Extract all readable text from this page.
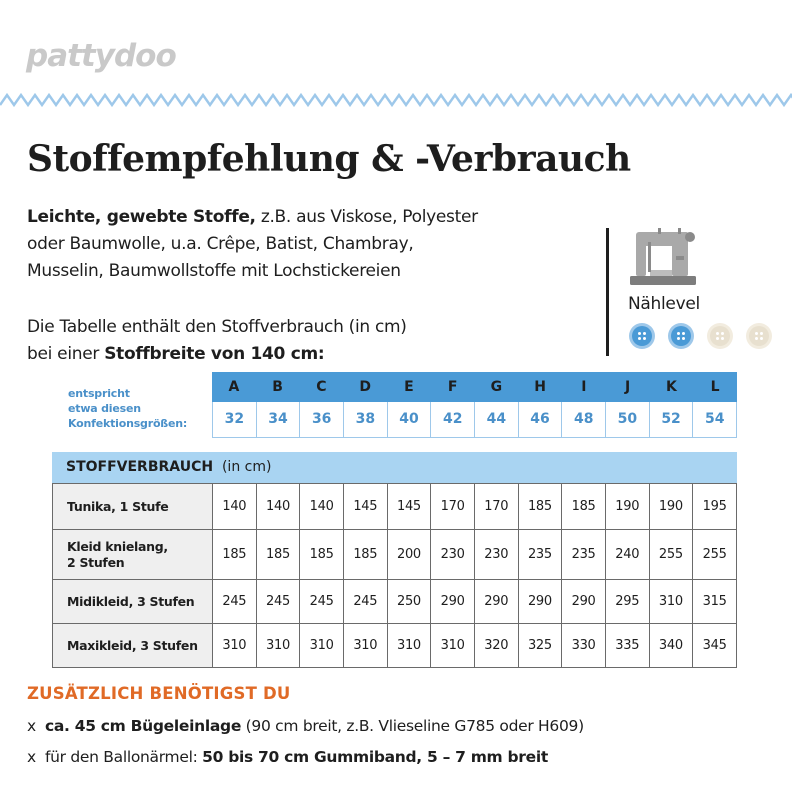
pattydoo
Stoffempfehlung & -Verbrauch

Leichte, gewebte Stoffe, z.B. aus Viskose, Polyester

oder Baumwolle, u.a. Crêpe, Batist, Chambray,

Musselin, Baumwollstoffe mit Lochstickereien

Die Tabelle enthält den Stoffverbrauch (in cm)

bei einer Stoffbreite von 140 cm:

Nählevel
entspricht
etwa diesen
Konfektionsgrößen:
A	B	C	D	E	F	G	H	I	J	K	L
32	34	36	38	40	42	44	46	48	50	52	54
STOFFVERBRAUCH (in cm)
Tunika, 1 Stufe	140	140	140	145	145	170	170	185	185	190	190	195

Kleid knielang,
2 Stufen	185	185	185	185	200	230	230	235	235	240	255	255

Midikleid, 3 Stufen	245	245	245	245	250	290	290	290	290	295	310	315

Maxikleid, 3 Stufen	310	310	310	310	310	310	320	325	330	335	340	345
ZUSÄTZLICH BENÖTIGST DU
x ca. 45 cm Bügeleinlage (90 cm breit, z.B. Vlieseline G785 oder H609)
x für den Ballonärmel: 50 bis 70 cm Gummiband, 5 – 7 mm breit
